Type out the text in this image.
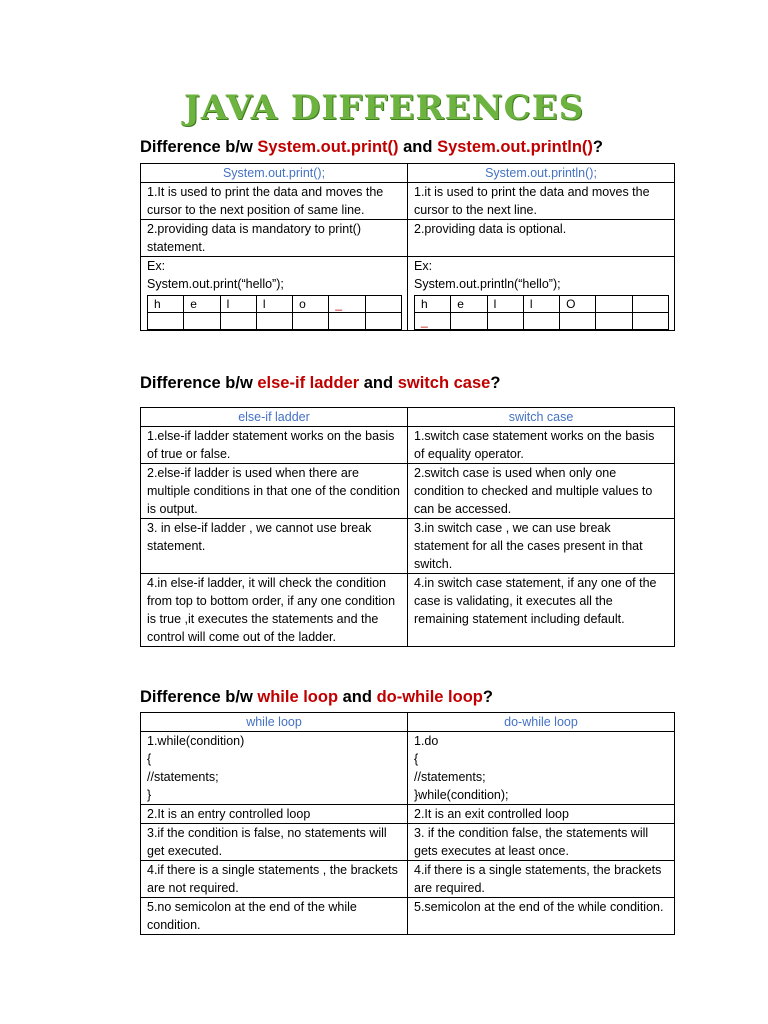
JAVA DIFFERENCES
Difference b/w System.out.print() and System.out.println()?
System.out.print();	System.out.println();
1.It is used to print the data and moves the cursor to the next position of same line.	1.it is used to print the data and moves the cursor to the next line.
2.providing data is mandatory to print() statement.	2.providing data is optional.

Ex:
System.out.print(“hello”);
h	e	l	l	o	_	

Ex:
System.out.println(“hello”);
h	e	l	l	O		
_						
Difference b/w else-if ladder and switch case?
else-if ladder	switch case
1.else-if ladder statement works on the basis of true or false.	1.switch case statement works on the basis of equality operator.
2.else-if ladder is used when there are multiple conditions in that one of the condition is output.	2.switch case is used when only one condition to checked and multiple values to can be accessed.
3. in else-if ladder , we cannot use break statement.	3.in switch case , we can use break statement for all the cases present in that switch.
4.in else-if ladder, it will check the condition from top to bottom order, if any one condition is true ,it executes the statements and the control will come out of the ladder.	4.in switch case statement, if any one of the case is validating, it executes all the remaining statement including default.
Difference b/w while loop and do-while loop?
while loop	do-while loop

1.while(condition)
{
//statements;
}	1.do
{
//statements;
}while(condition);

2.It is an entry controlled loop	2.It is an exit controlled loop
3.if the condition is false, no statements will get executed.	3. if the condition false, the statements will gets executes at least once.
4.if there is a single statements , the brackets are not required.	4.if there is a single statements, the brackets are required.
5.no semicolon at the end of the while condition.	5.semicolon at the end of the while condition.
